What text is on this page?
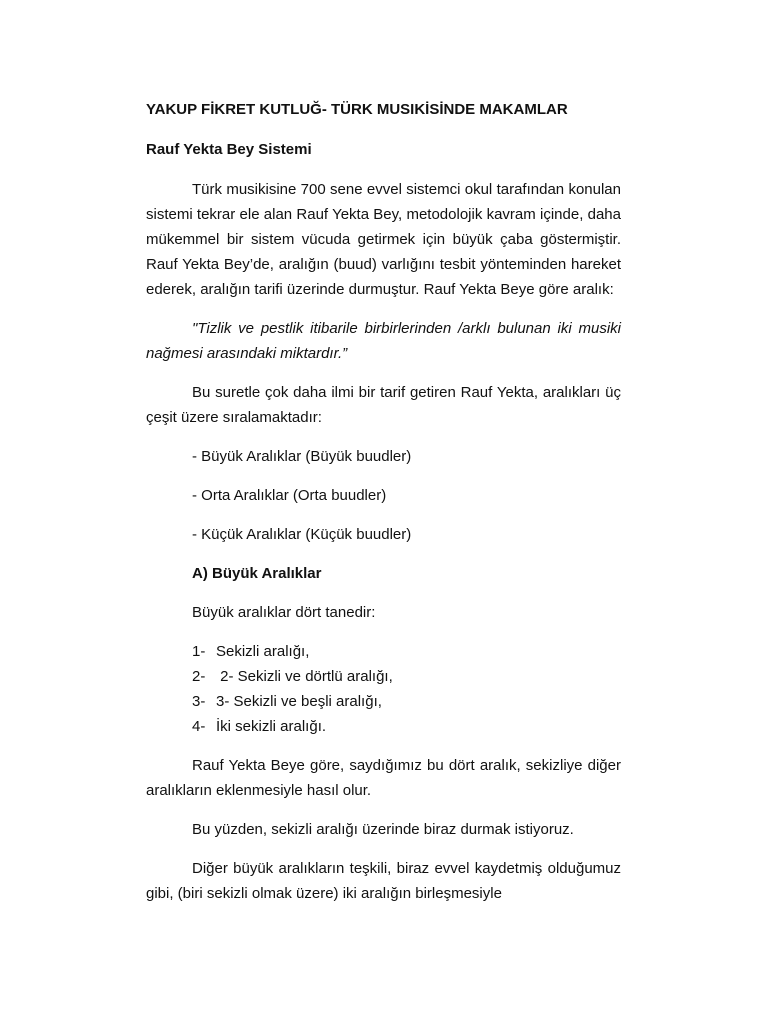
YAKUP FİKRET KUTLUĞ- TÜRK MUSIKİSİNDE MAKAMLAR

Rauf Yekta Bey Sistemi

Türk musikisine 700 sene evvel sistemci okul tarafından konulan sistemi tekrar ele alan Rauf Yekta Bey, metodolojik kavram içinde, daha mükemmel bir sistem vücuda getirmek için büyük çaba göstermiştir. Rauf Yekta Bey’de, aralığın (buud) varlığını tesbit yönteminden hareket ederek, aralığın tarifi üzerinde durmuştur. Rauf Yekta Beye göre aralık:

"Tizlik ve pestlik itibarile birbirlerinden /arklı bulunan iki musiki nağmesi arasındaki miktardır.”

Bu suretle çok daha ilmi bir tarif getiren Rauf Yekta, aralıkları üç çeşit üzere sıralamaktadır:

- Büyük Aralıklar (Büyük buudler)

- Orta Aralıklar (Orta buudler)

- Küçük Aralıklar (Küçük buudler)

A) Büyük Aralıklar

Büyük aralıklar dört tanedir:

1- Sekizli aralığı,
2- 2- Sekizli ve dörtlü aralığı,
3- 3- Sekizli ve beşli aralığı,
4- İki sekizli aralığı.

Rauf Yekta Beye göre, saydığımız bu dört aralık, sekizliye diğer aralıkların eklenmesiyle hasıl olur.

Bu yüzden, sekizli aralığı üzerinde biraz durmak istiyoruz.

Diğer büyük aralıkların teşkili, biraz evvel kaydetmiş olduğumuz gibi, (biri sekizli olmak üzere) iki aralığın birleşmesiyle
